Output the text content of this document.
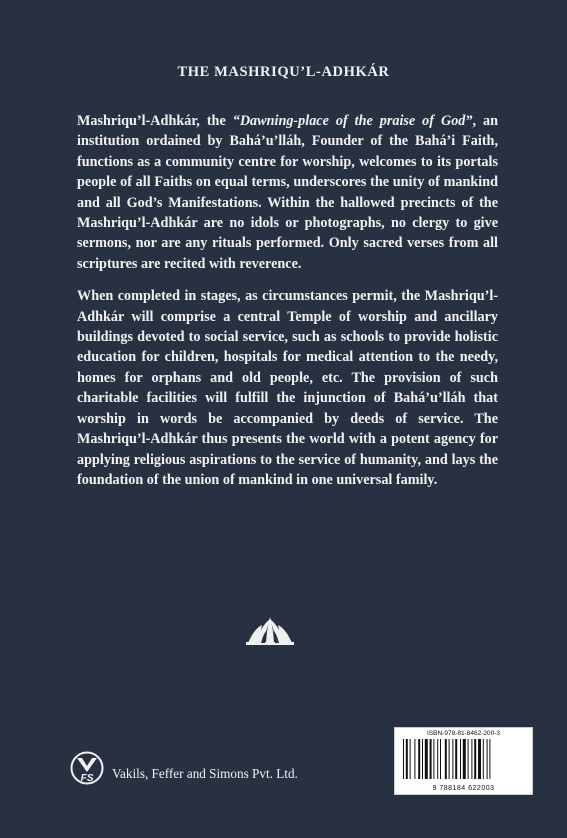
THE MASHRIQU’L-ADHKÁR

Mashriqu’l-Adhkár, the “Dawning-place of the praise of God”, an institution ordained by Bahá’u’lláh, Founder of the Bahá’i Faith, functions as a community centre for worship, welcomes to its portals people of all Faiths on equal terms, underscores the unity of mankind and all God’s Manifestations. Within the hallowed precincts of the Mashriqu’l-Adhkár are no idols or photographs, no clergy to give sermons, nor are any rituals performed. Only sacred verses from all scriptures are recited with reverence.

When completed in stages, as circumstances permit, the Mashriqu’l-Adhkár will comprise a central Temple of worship and ancillary buildings devoted to social service, such as schools to provide holistic education for children, hospitals for medical attention to the needy, homes for orphans and old people, etc. The provision of such charitable facilities will fulfill the injunction of Bahá’u’lláh that worship in words be accompanied by deeds of service. The Mashriqu’l-Adhkár thus presents the world with a potent agency for applying religious aspirations to the service of humanity, and lays the foundation of the union of mankind in one universal family.

ISBN-978-81-8462-200-3
9 788184 622003
FS Vakils, Feffer and Simons Pvt. Ltd.
